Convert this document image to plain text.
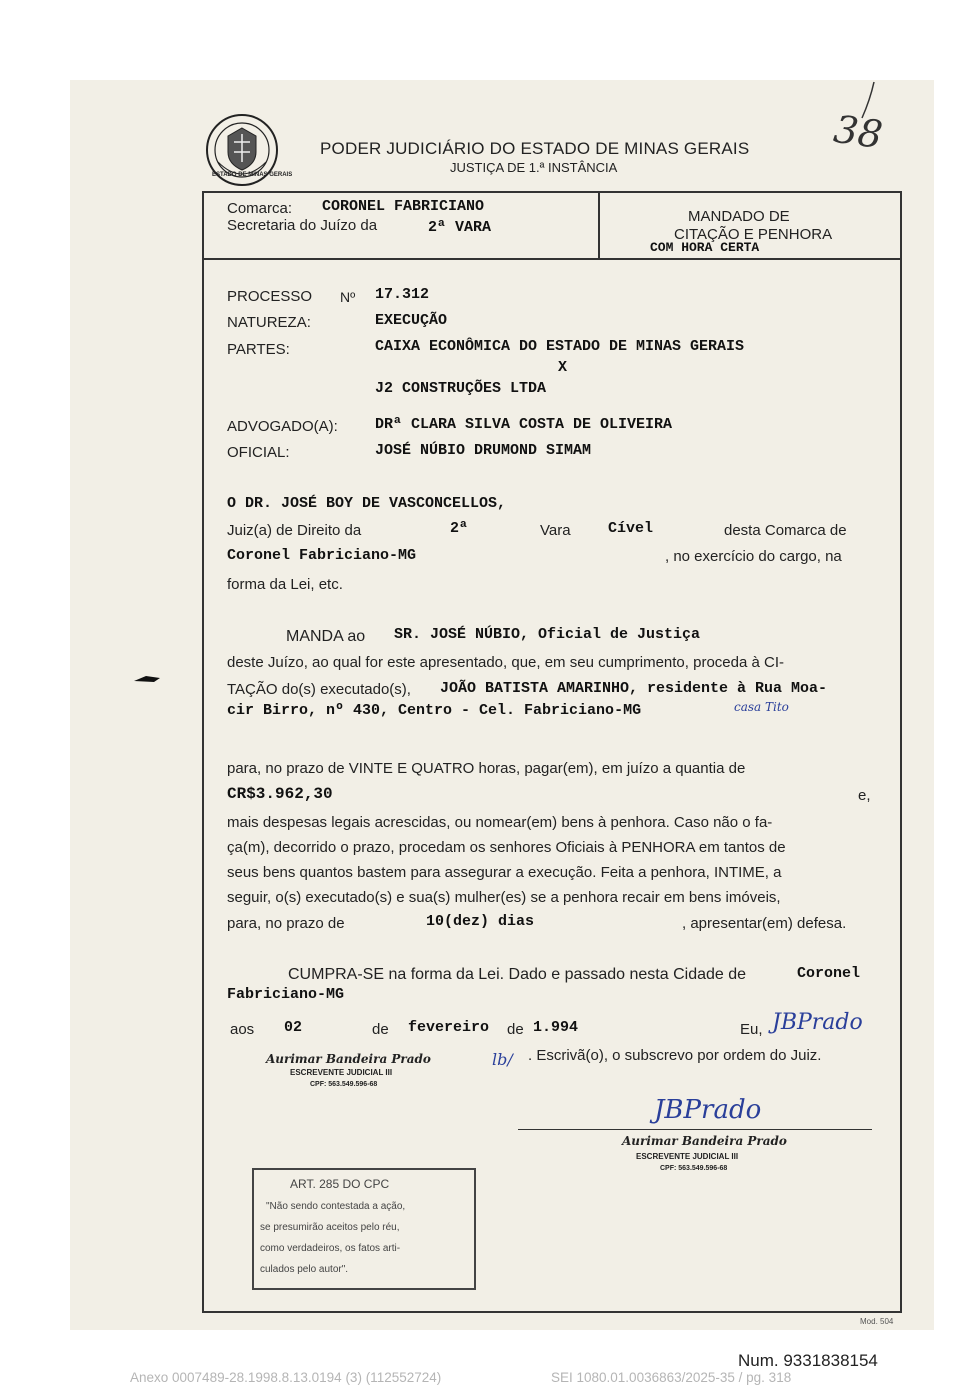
ESTADO DE MINAS GERAIS
PODER JUDICIÁRIO DO ESTADO DE MINAS GERAIS
JUSTIÇA DE 1.ª INSTÂNCIA
38
Comarca: CORONEL FABRICIANO
Secretaria do Juízo da	2ª VARA
MANDADO DE
CITAÇÃO E PENHORA
COM HORA CERTA
PROCESSO Nº 17.312
NATUREZA:	EXECUÇÃO
PARTES:	CAIXA ECONÔMICA DO ESTADO DE MINAS GERAIS
X
J2 CONSTRUÇÕES LTDA
ADVOGADO(A): DRª CLARA SILVA COSTA DE OLIVEIRA
OFICIAL:	JOSÉ NÚBIO DRUMOND SIMAM
O DR. JOSÉ BOY DE VASCONCELLOS,
Juiz(a) de Direito da	2ª	Vara Cível	desta Comarca de
Coronel Fabriciano-MG	, no exercício do cargo, na
forma da Lei, etc.
MANDA ao SR. JOSÉ NÚBIO, Oficial de Justiça
deste Juízo, ao qual for este apresentado, que, em seu cumprimento, proceda à CI-
TAÇÃO do(s) executado(s), JOÃO BATISTA AMARINHO, residente à Rua Moa-
cir Birro, nº 430, Centro - Cel. Fabriciano-MG	casa Tito
para, no prazo de VINTE E QUATRO horas, pagar(em), em juízo a quantia de
CR$3.962,30	e,
mais despesas legais acrescidas, ou nomear(em) bens à penhora. Caso não o fa-
ça(m), decorrido o prazo, procedam os senhores Oficiais à PENHORA em tantos de
seus bens quantos bastem para assegurar a execução. Feita a penhora, INTIME, a
seguir, o(s) executado(s) e sua(s) mulher(es) se a penhora recair em bens imóveis,
para, no prazo de	10(dez) dias	, apresentar(em) defesa.
CUMPRA-SE na forma da Lei. Dado e passado nesta Cidade de	Coronel
Fabriciano-MG
aos 02	de fevereiro de 1.994	Eu, JBPrado
lb/ . Escrivã(o), o subscrevo por ordem do Juiz.
Aurimar Bandeira Prado
ESCREVENTE JUDICIAL III
CPF: 563.549.596-68
JBPrado
Aurimar Bandeira Prado
ESCREVENTE JUDICIAL III
CPF: 563.549.596-68
ART. 285 DO CPC
"Não sendo contestada a ação,
se presumirão aceitos pelo réu,
como verdadeiros, os fatos arti-
culados pelo autor".
Mod. 504
Num. 9331838154
Anexo 0007489-28.1998.8.13.0194 (3) (112552724)	SEI 1080.01.0036863/2025-35 / pg. 318
